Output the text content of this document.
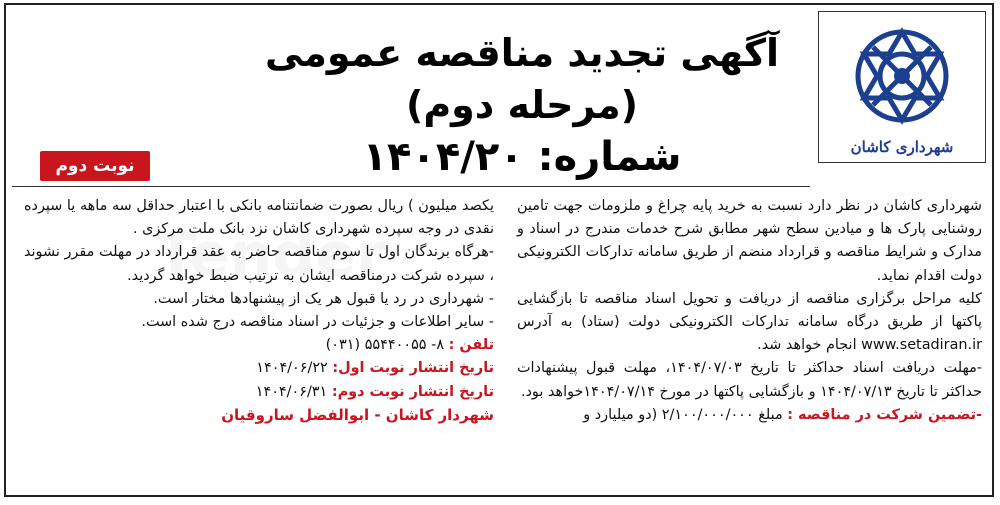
شهرداری کاشان
آگهی تجدید مناقصه عمومی (مرحله دوم)
شماره: ۱۴۰۴/۲۰
نوبت دوم

شهرداری کاشان در نظر دارد نسبت به خرید پایه چراغ و ملزومات جهت تامین روشنایی پارک ها و میادین سطح شهر مطابق شرح خدمات مندرج در اسناد و مدارک و شرایط مناقصه و قرارداد منضم از طریق سامانه تدارکات الکترونیکی دولت اقدام نماید.

کلیه مراحل برگزاری مناقصه از دریافت و تحویل اسناد مناقصه تا بازگشایی پاکتها از طریق درگاه سامانه تدارکات الکترونیکی دولت (ستاد) به آدرس www.setadiran.ir انجام خواهد شد.

-مهلت دریافت اسناد حداکثر تا تاریخ ۱۴۰۴/۰۷/۰۳، مهلت قبول پیشنهادات حداکثر تا تاریخ ۱۴۰۴/۰۷/۱۳ و بازگشایی پاکتها در مورخ ۱۴۰۴/۰۷/۱۴خواهد بود.

-تضمین شرکت در مناقصه : مبلغ ۲/۱۰۰/۰۰۰/۰۰۰ (دو میلیارد و

یکصد میلیون ) ریال بصورت ضمانتنامه بانکی با اعتبار حداقل سه ماهه یا سپرده نقدی در وجه سپرده شهرداری کاشان نزد بانک ملت مرکزی .

-هرگاه برندگان اول تا سوم مناقصه حاضر به عقد قرارداد در مهلت مقرر نشوند ، سپرده شرکت درمناقصه ایشان به ترتیب ضبط خواهد گردید.

- شهرداری در رد یا قبول هر یک از پیشنهادها مختار است.

- سایر اطلاعات و جزئیات در اسناد مناقصه درج شده است.

تلفن : ۸- ۵۵۴۴۰۰۵۵ (۰۳۱)

تاریخ انتشار نوبت اول: ۱۴۰۴/۰۶/۲۲

تاریخ انتشار نوبت دوم: ۱۴۰۴/۰۶/۳۱

شهردار کاشان - ابوالفضل ساروقیان
